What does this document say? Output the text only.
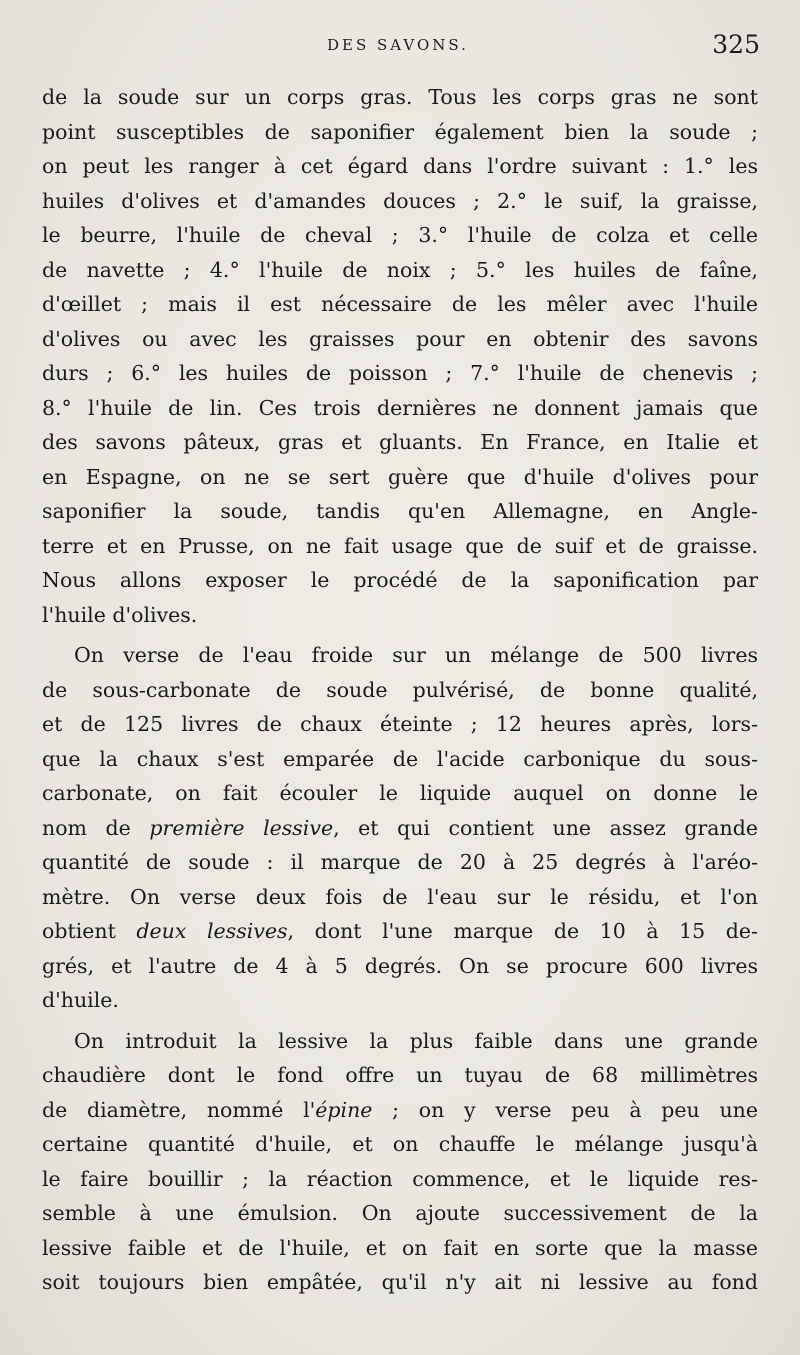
DES SAVONS.	325
de la soude sur un corps gras. Tous les corps gras ne sont
point susceptibles de saponifier également bien la soude ;
on peut les ranger à cet égard dans l'ordre suivant : 1.° les
huiles d'olives et d'amandes douces ; 2.° le suif, la graisse,
le beurre, l'huile de cheval ; 3.° l'huile de colza et celle
de navette ; 4.° l'huile de noix ; 5.° les huiles de faîne,
d'œillet ; mais il est nécessaire de les mêler avec l'huile
d'olives ou avec les graisses pour en obtenir des savons
durs ; 6.° les huiles de poisson ; 7.° l'huile de chenevis ;
8.° l'huile de lin. Ces trois dernières ne donnent jamais que
des savons pâteux, gras et gluants. En France, en Italie et
en Espagne, on ne se sert guère que d'huile d'olives pour
saponifier la soude, tandis qu'en Allemagne, en Angle-
terre et en Prusse, on ne fait usage que de suif et de graisse.
Nous allons exposer le procédé de la saponification par
l'huile d'olives.
On verse de l'eau froide sur un mélange de 500 livres
de sous-carbonate de soude pulvérisé, de bonne qualité,
et de 125 livres de chaux éteinte ; 12 heures après, lors-
que la chaux s'est emparée de l'acide carbonique du sous-
carbonate, on fait écouler le liquide auquel on donne le
nom de première lessive, et qui contient une assez grande
quantité de soude : il marque de 20 à 25 degrés à l'aréo-
mètre. On verse deux fois de l'eau sur le résidu, et l'on
obtient deux lessives, dont l'une marque de 10 à 15 de-
grés, et l'autre de 4 à 5 degrés. On se procure 600 livres
d'huile.
On introduit la lessive la plus faible dans une grande
chaudière dont le fond offre un tuyau de 68 millimètres
de diamètre, nommé l'épine ; on y verse peu à peu une
certaine quantité d'huile, et on chauffe le mélange jusqu'à
le faire bouillir ; la réaction commence, et le liquide res-
semble à une émulsion. On ajoute successivement de la
lessive faible et de l'huile, et on fait en sorte que la masse
soit toujours bien empâtée, qu'il n'y ait ni lessive au fond
